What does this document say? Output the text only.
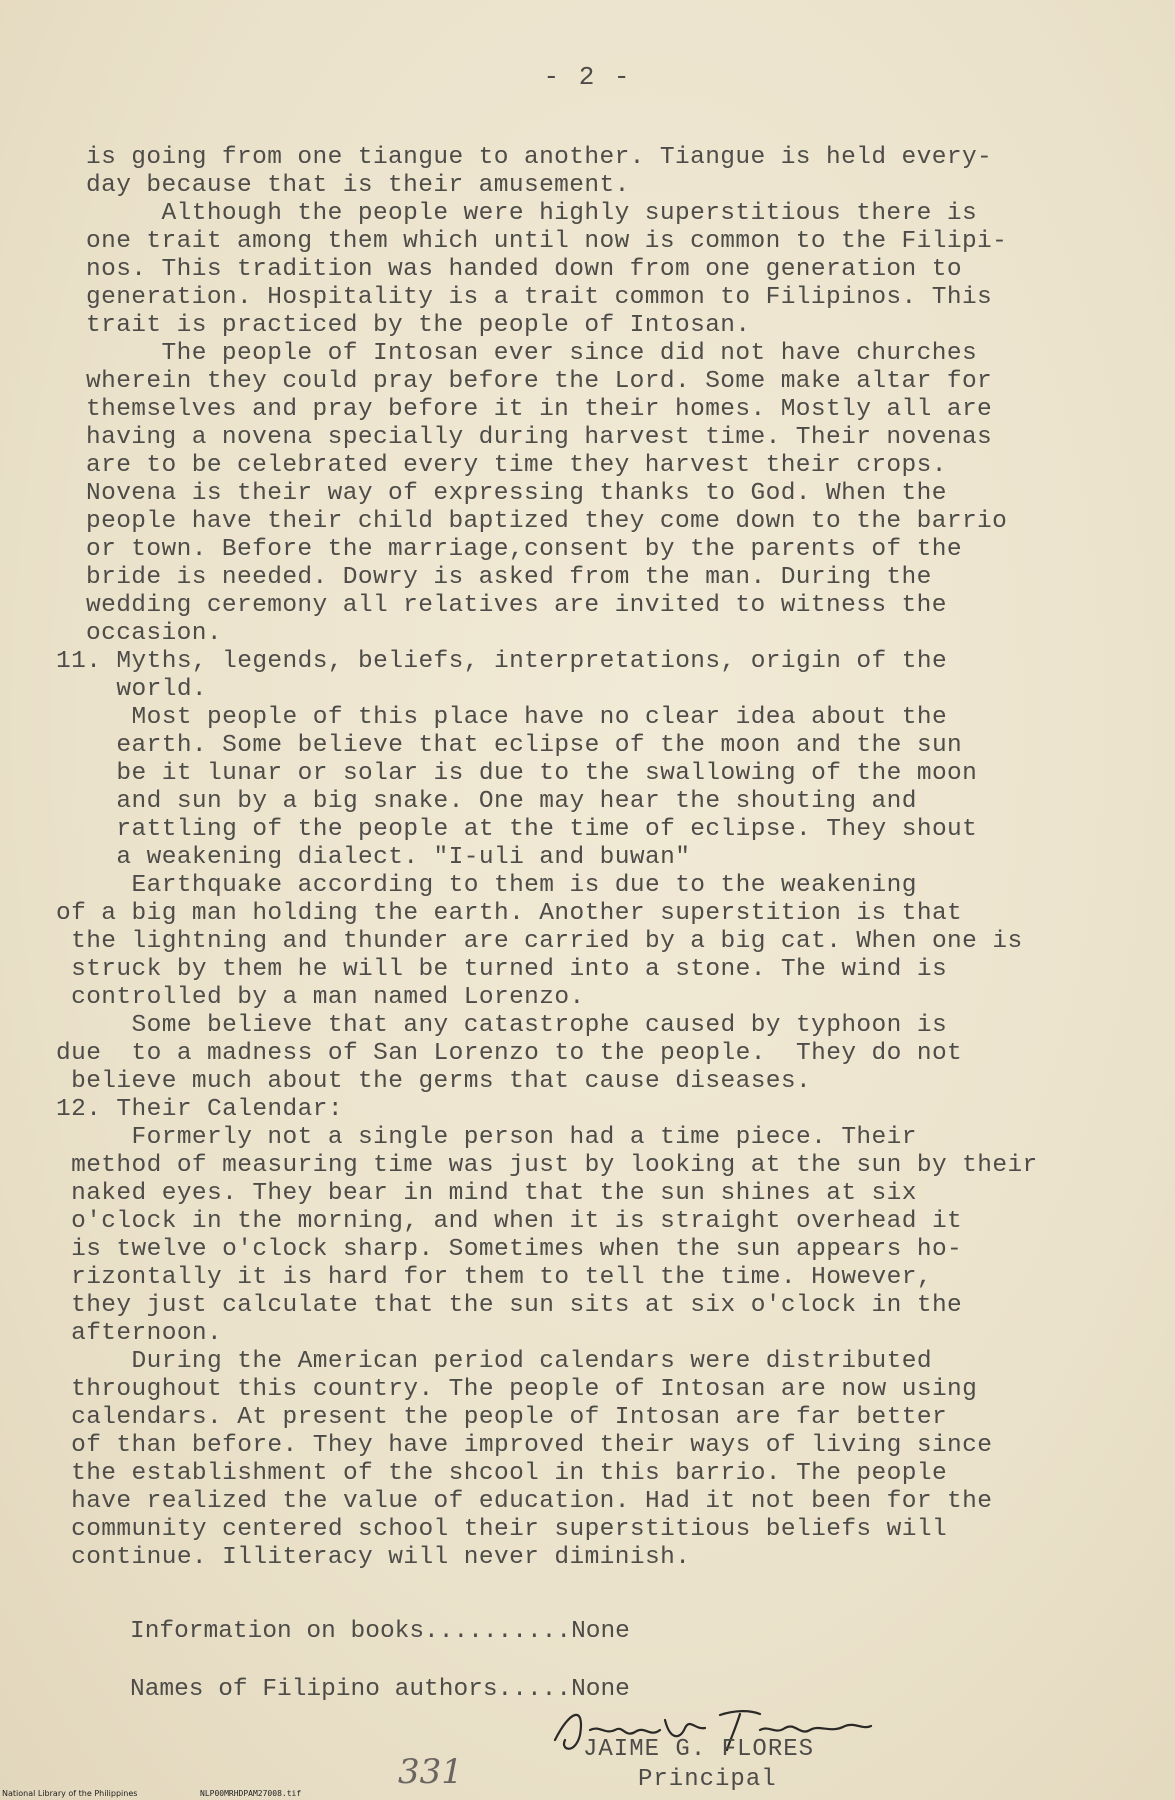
- 2 -
is going from one tiangue to another. Tiangue is held every-
day because that is their amusement.
Although the people were highly superstitious there is
one trait among them which until now is common to the Filipi-
nos. This tradition was handed down from one generation to
generation. Hospitality is a trait common to Filipinos. This
trait is practiced by the people of Intosan.
The people of Intosan ever since did not have churches
wherein they could pray before the Lord. Some make altar for
themselves and pray before it in their homes. Mostly all are
having a novena specially during harvest time. Their novenas
are to be celebrated every time they harvest their crops.
Novena is their way of expressing thanks to God. When the
people have their child baptized they come down to the barrio
or town. Before the marriage,consent by the parents of the
bride is needed. Dowry is asked from the man. During the
wedding ceremony all relatives are invited to witness the
occasion.
11. Myths, legends, beliefs, interpretations, origin of the
world.
Most people of this place have no clear idea about the
earth. Some believe that eclipse of the moon and the sun
be it lunar or solar is due to the swallowing of the moon
and sun by a big snake. One may hear the shouting and
rattling of the people at the time of eclipse. They shout
a weakening dialect. "I-uli and buwan"
Earthquake according to them is due to the weakening
of a big man holding the earth. Another superstition is that
the lightning and thunder are carried by a big cat. When one is
struck by them he will be turned into a stone. The wind is
controlled by a man named Lorenzo.
Some believe that any catastrophe caused by typhoon is
due  to a madness of San Lorenzo to the people.  They do not
believe much about the germs that cause diseases.
12. Their Calendar:
Formerly not a single person had a time piece. Their
method of measuring time was just by looking at the sun by their
naked eyes. They bear in mind that the sun shines at six
o'clock in the morning, and when it is straight overhead it
is twelve o'clock sharp. Sometimes when the sun appears ho-
rizontally it is hard for them to tell the time. However,
they just calculate that the sun sits at six o'clock in the
afternoon.
During the American period calendars were distributed
throughout this country. The people of Intosan are now using
calendars. At present the people of Intosan are far better
of than before. They have improved their ways of living since
the establishment of the shcool in this barrio. The people
have realized the value of education. Had it not been for the
community centered school their superstitious beliefs will
continue. Illiteracy will never diminish.
Information on books..........None
Names of Filipino authors.....None
JAIME G. FLORES
Principal
331
National Library of the Philippines	NLP00MRHDPAM27008.tif
